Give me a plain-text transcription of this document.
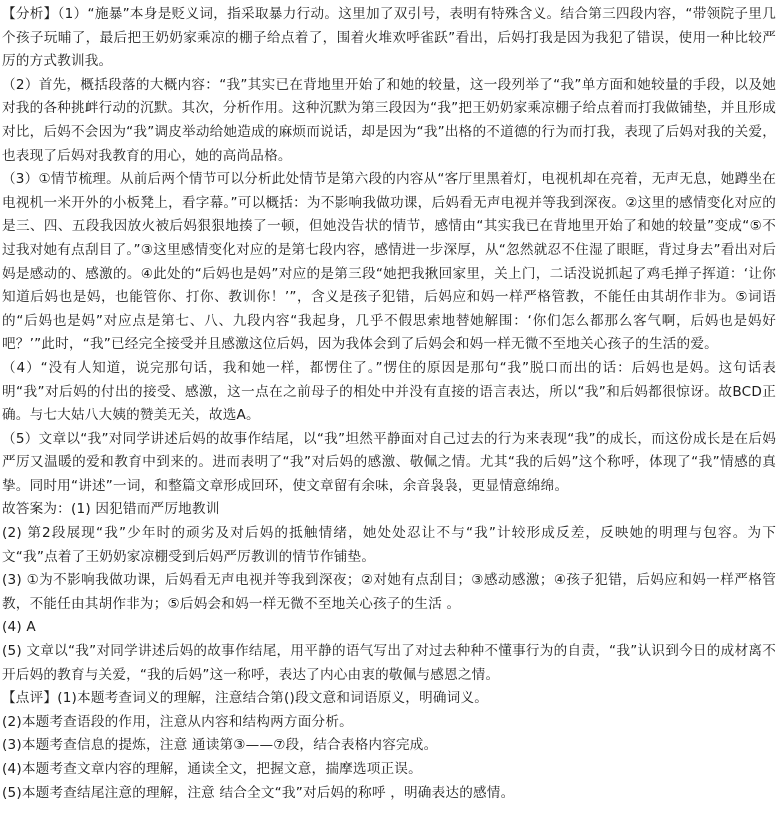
【分析】（1）“施暴”本身是贬义词，指采取暴力行动。这里加了双引号，表明有特殊含义。结合第三四段内容，“带领院子里几个孩子玩晡了，最后把王奶奶家乘凉的棚子给点着了，围着火堆欢呼雀跃”看出，后妈打我是因为我犯了错误，使用一种比较严厉的方式教训我。

（2）首先，概括段落的大概内容：“我”其实已在背地里开始了和她的较量，这一段列举了“我”单方面和她较量的手段，以及她对我的各种挑衅行动的沉默。其次，分析作用。这种沉默为第三段因为“我”把王奶奶家乘凉棚子给点着而打我做铺垫，并且形成对比，后妈不会因为“我”调皮举动给她造成的麻烦而说话，却是因为“我”出格的不道德的行为而打我，表现了后妈对我的关爱，也表现了后妈对我教育的用心，她的高尚品格。

（3）①情节梳理。从前后两个情节可以分析此处情节是第六段的内容从“客厅里黑着灯，电视机却在亮着，无声无息，她蹲坐在电视机一米开外的小板凳上，看字幕。”可以概括：为不影响我做功课，后妈看无声电视并等我到深夜。②这里的感情变化对应的是三、四、五段我因放火被后妈狠狠地揍了一顿，但她没告状的情节，感情由“其实我已在背地里开始了和她的较量”变成“⑤不过我对她有点刮目了。”③这里感情变化对应的是第七段内容，感情进一步深厚，从“忽然就忍不住湿了眼眶，背过身去”看出对后妈是感动的、感激的。④此处的“后妈也是妈”对应的是第三段“她把我揪回家里，关上门，二话没说抓起了鸡毛掸子挥道：‘让你知道后妈也是妈，也能管你、打你、教训你！’”，含义是孩子犯错，后妈应和妈一样严格管教，不能任由其胡作非为。⑤词语的“后妈也是妈”对应点是第七、八、九段内容“我起身，几乎不假思索地替她解围：‘你们怎么都那么客气啊，后妈也是妈好吧？’”此时，“我”已经完全接受并且感激这位后妈，因为我体会到了后妈会和妈一样无微不至地关心孩子的生活的爱。

（4）“没有人知道，说完那句话，我和她一样，都愣住了。”愣住的原因是那句“我”脱口而出的话：后妈也是妈。这句话表明“我”对后妈的付出的接受、感激，这一点在之前母子的相处中并没有直接的语言表达，所以“我”和后妈都很惊讶。故BCD正确。与七大姑八大姨的赞美无关，故选A。

（5）文章以“我”对同学讲述后妈的故事作结尾，以“我”坦然平静面对自己过去的行为来表现“我”的成长，而这份成长是在后妈严厉又温暖的爱和教育中到来的。进而表明了“我”对后妈的感激、敬佩之情。尤其“我的后妈”这个称呼，体现了“我”情感的真挚。同时用“讲述”一词，和整篇文章形成回环，使文章留有余味，余音袅袅，更显情意绵绵。

故答案为：(1) 因犯错而严厉地教训

(2) 第2段展现“我”少年时的顽劣及对后妈的抵触情绪，她处处忍让不与“我”计较形成反差，反映她的明理与包容。为下文“我”点着了王奶奶家凉棚受到后妈严厉教训的情节作铺垫。

(3) ①为不影响我做功课，后妈看无声电视并等我到深夜；②对她有点刮目；③感动感激；④孩子犯错，后妈应和妈一样严格管教，不能任由其胡作非为；⑤后妈会和妈一样无微不至地关心孩子的生活 。

(4) A

(5) 文章以“我”对同学讲述后妈的故事作结尾，用平静的语气写出了对过去种种不懂事行为的自责，“我”认识到今日的成材离不开后妈的教育与关爱，“我的后妈”这一称呼，表达了内心由衷的敬佩与感恩之情。

【点评】(1)本题考查词义的理解，注意结合第()段文意和词语原义，明确词义。

(2)本题考查语段的作用，注意从内容和结构两方面分析。

(3)本题考查信息的提炼，注意 通读第③——⑦段，结合表格内容完成。

(4)本题考查文章内容的理解，通读全文，把握文意，揣摩选项正误。

(5)本题考查结尾注意的理解，注意 结合全文“我”对后妈的称呼 ，明确表达的感情。
